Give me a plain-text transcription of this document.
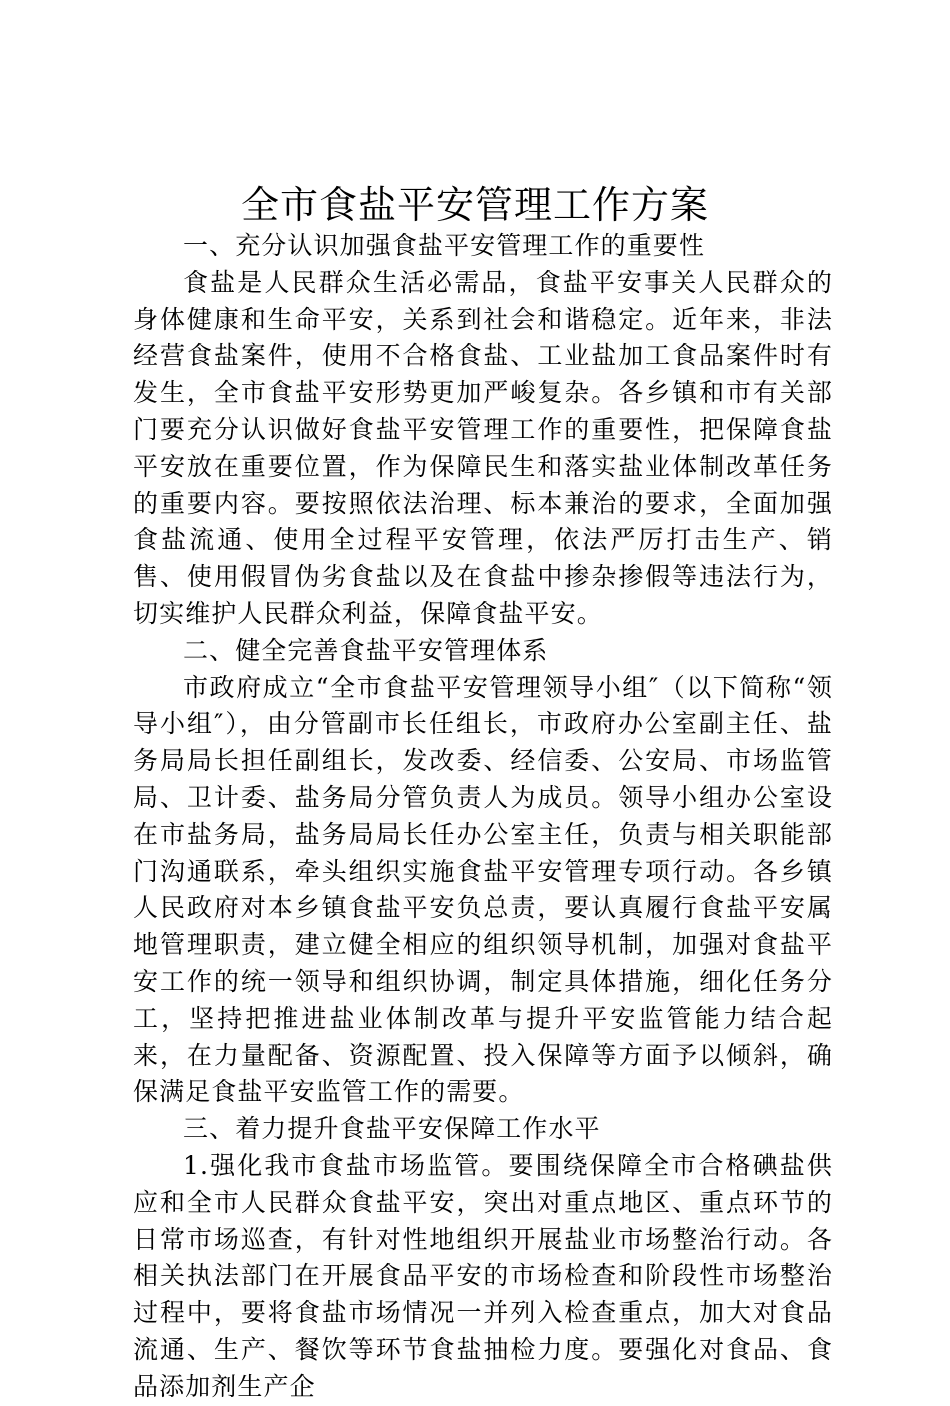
全市食盐平安管理工作方案

一、充分认识加强食盐平安管理工作的重要性

食盐是人民群众生活必需品，食盐平安事关人民群众的身体健康和生命平安，关系到社会和谐稳定。近年来，非法经营食盐案件，使用不合格食盐、工业盐加工食品案件时有发生，全市食盐平安形势更加严峻复杂。各乡镇和市有关部门要充分认识做好食盐平安管理工作的重要性，把保障食盐平安放在重要位置，作为保障民生和落实盐业体制改革任务的重要内容。要按照依法治理、标本兼治的要求，全面加强食盐流通、使用全过程平安管理，依法严厉打击生产、销售、使用假冒伪劣食盐以及在食盐中掺杂掺假等违法行为，切实维护人民群众利益，保障食盐平安。

二、健全完善食盐平安管理体系

市政府成立“全市食盐平安管理领导小组″（以下简称“领导小组″），由分管副市长任组长，市政府办公室副主任、盐务局局长担任副组长，发改委、经信委、公安局、市场监管局、卫计委、盐务局分管负责人为成员。领导小组办公室设在市盐务局，盐务局局长任办公室主任，负责与相关职能部门沟通联系，牵头组织实施食盐平安管理专项行动。各乡镇人民政府对本乡镇食盐平安负总责，要认真履行食盐平安属地管理职责，建立健全相应的组织领导机制，加强对食盐平安工作的统一领导和组织协调，制定具体措施，细化任务分工，坚持把推进盐业体制改革与提升平安监管能力结合起来，在力量配备、资源配置、投入保障等方面予以倾斜，确保满足食盐平安监管工作的需要。

三、着力提升食盐平安保障工作水平

1.强化我市食盐市场监管。要围绕保障全市合格碘盐供应和全市人民群众食盐平安，突出对重点地区、重点环节的日常市场巡查，有针对性地组织开展盐业市场整治行动。各相关执法部门在开展食品平安的市场检查和阶段性市场整治过程中，要将食盐市场情况一并列入检查重点，加大对食品流通、生产、餐饮等环节食盐抽检力度。要强化对食品、食品添加剂生产企
